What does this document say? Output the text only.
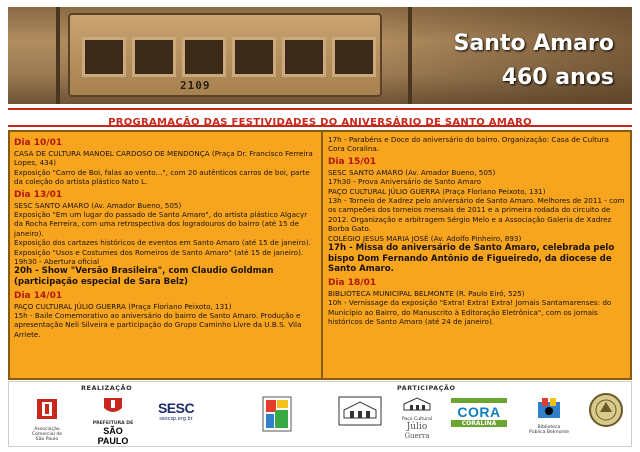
2109
Santo Amaro
460 anos
PROGRAMAÇÃO DAS FESTIVIDADES DO ANIVERSÁRIO DE SANTO AMARO
Dia 10/01
CASA DE CULTURA MANOEL CARDOSO DE MENDONÇA (Praça Dr. Francisco Ferreira Lopes, 434)
Exposição "Carro de Boi, falas ao vento...", com 20 autênticos carros de boi, parte da coleção do artista plástico Nato L.
Dia 13/01
SESC SANTO AMARO (Av. Amador Bueno, 505)
Exposição "Em um lugar do passado de Santo Amaro", do artista plástico Algacyr da Rocha Ferreira, com uma retrospectiva dos logradouros do bairro (até 15 de janeiro).
Exposição dos cartazes históricos de eventos em Santo Amaro (até 15 de janeiro).
Exposição "Usos e Costumes dos Romeiros de Santo Amaro" (até 15 de janeiro).
19h30 - Abertura oficial
20h - Show "Versão Brasileira", com Claudio Goldman (participação especial de Sara Belz)
Dia 14/01
PAÇO CULTURAL JÚLIO GUERRA (Praça Floriano Peixoto, 131)
15h - Baile Comemorativo ao aniversário do bairro de Santo Amaro. Produção e apresentação Neli Silveira e participação do Grupo Caminho Livre da U.B.S. Vila Arriete.
17h - Parabéns e Doce do aniversário do bairro. Organização: Casa de Cultura Cora Coralina.
Dia 15/01
SESC SANTO AMARO (Av. Amador Bueno, 505)
17h30 - Prova Aniversário de Santo Amaro
PAÇO CULTURAL JÚLIO GUERRA (Praça Floriano Peixoto, 131)
13h - Torneio de Xadrez pelo aniversário de Santo Amaro. Melhores de 2011 - com os campeões dos torneios mensais de 2011 e a primeira rodada do circuito de 2012. Organização e arbitragem Sérgio Melo e a Associação Galeria de Xadrez Borba Gato.
COLÉGIO JESUS MARIA JOSÉ (Av. Adolfo Pinheiro, 893)
17h - Missa do aniversário de Santo Amaro, celebrada pelo bispo Dom Fernando Antônio de Figueiredo, da diocese de Santo Amaro.
Dia 18/01
BIBLIOTECA MUNICIPAL BELMONTE (R. Paulo Eiró, 525)
10h - Vernissage da exposição "Extra! Extra! Extra! Jornais Santamarenses: do Município ao Bairro, do Manuscrito à Editoração Eletrônica", com os jornais históricos de Santo Amaro (até 24 de janeiro).
REALIZAÇÃO	PARTICIPAÇÃO
Associação Comercial de São Paulo
PREFEITURA DE
SÃO PAULO
SESC
sescsp.org.br	Paço Cultural
Júlio
Guerra
CORA
CORALINA
Biblioteca Pública Belmonte
